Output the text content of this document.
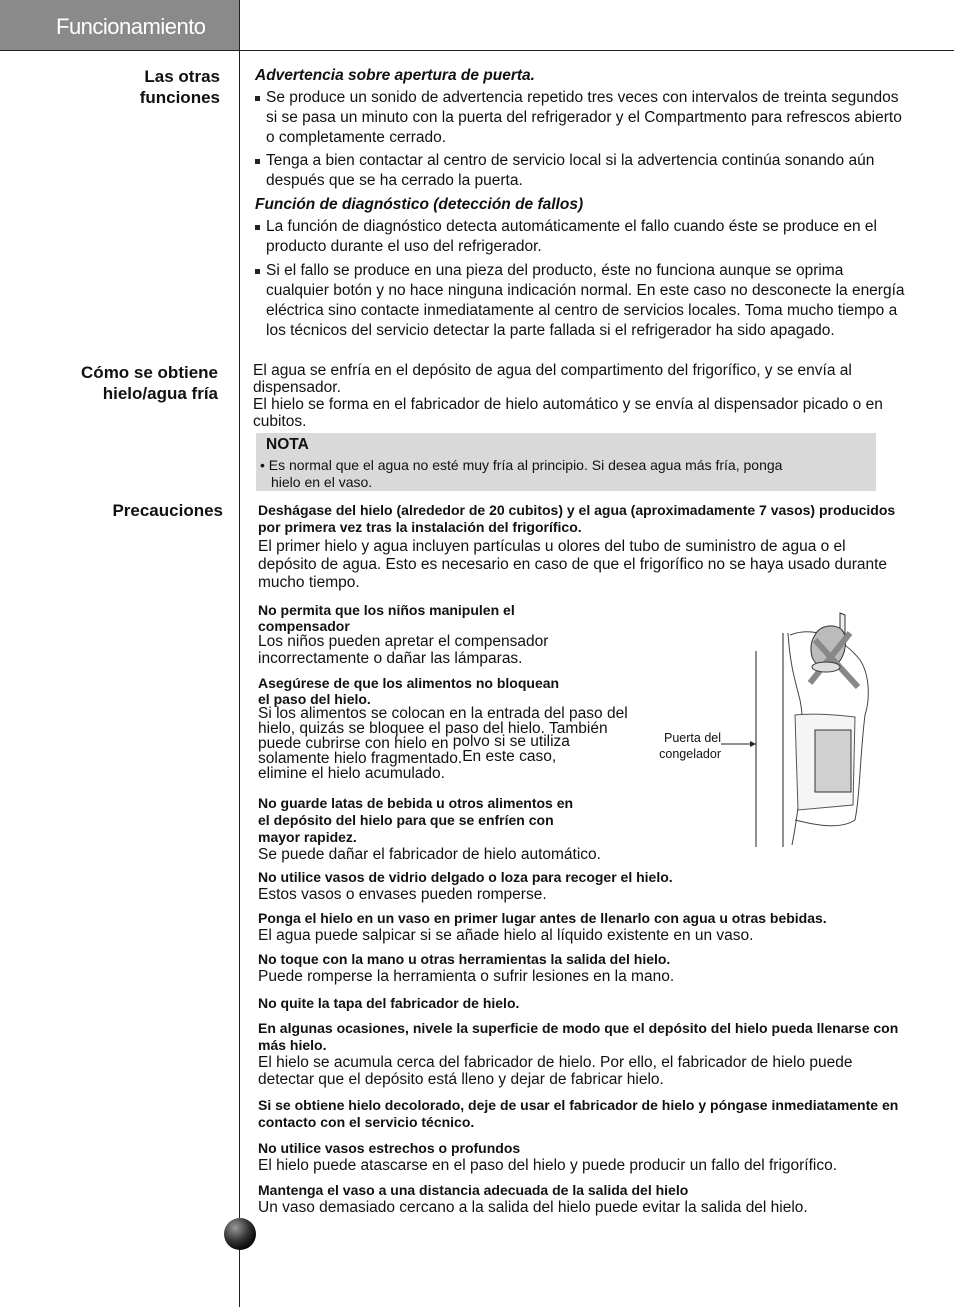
Funcionamiento
Las otras
funciones
Cómo se obtiene
hielo/agua fría
Precauciones
Advertencia sobre apertura de puerta.
Se produce un sonido de advertencia repetido tres veces con intervalos de treinta segundos si se pasa un minuto con la puerta del refrigerador y el Compartmento para refrescos abierto o completamente cerrado.
Tenga a bien contactar al centro de servicio local si la advertencia continúa sonando aún después que se ha cerrado la puerta.
Función de diagnóstico (detección de fallos)
La función de diagnóstico detecta automáticamente el fallo cuando éste se produce en el producto durante el uso del refrigerador.
Si el fallo se produce en una pieza del producto, éste no funciona aunque se oprima cualquier botón y no hace ninguna indicación normal. En este caso no desconecte la energía eléctrica sino contacte inmediatamente al centro de servicios locales. Toma mucho tiempo a los técnicos del servicio detectar la parte fallada si el refrigerador ha sido apagado.
El agua se enfría en el depósito de agua del compartimento del frigorífico, y se envía al dispensador.
El hielo se forma en el fabricador de hielo automático y se envía al dispensador picado o en cubitos.
NOTA
• Es normal que el agua no esté muy fría al principio. Si desea agua más fría, ponga
hielo en el vaso.
Deshágase del hielo (alrededor de 20 cubitos) y el agua (aproximadamente 7 vasos) producidos por primera vez tras la instalación del frigorífico.
El primer hielo y agua incluyen partículas u olores del tubo de suministro de agua o el depósito de agua. Esto es necesario en caso de que el frigorífico no se haya usado durante mucho tiempo.
No permita que los niños manipulen el
compensador
Los niños pueden apretar el compensador
incorrectamente o dañar las lámparas.
Asegúrese de que los alimentos no bloquean
el paso del hielo.
Si los alimentos se colocan en la entrada del paso del
hielo, quizás se bloquee el paso del hielo. También
puede cubrirse con hielo en polvo si se utiliza
solamente hielo fragmentado.En este caso,
elimine el hielo acumulado.
No guarde latas de bebida u otros alimentos en
el depósito del hielo para que se enfríen con
mayor rapidez.
Se puede dañar el fabricador de hielo automático.
No utilice vasos de vidrio delgado o loza para recoger el hielo.
Estos vasos o envases pueden romperse.
Ponga el hielo en un vaso en primer lugar antes de llenarlo con agua u otras bebidas.
El agua puede salpicar si se añade hielo al líquido existente en un vaso.
No toque con la mano u otras herramientas la salida del hielo.
Puede romperse la herramienta o sufrir lesiones en la mano.
No quite la tapa del fabricador de hielo.
En algunas ocasiones, nivele la superficie de modo que el depósito del hielo pueda llenarse con más hielo.
El hielo se acumula cerca del fabricador de hielo. Por ello, el fabricador de hielo puede detectar que el depósito está lleno y dejar de fabricar hielo.
Si se obtiene hielo decolorado, deje de usar el fabricador de hielo y póngase inmediatamente en contacto con el servicio técnico.
No utilice vasos estrechos o profundos
El hielo puede atascarse en el paso del hielo y puede producir un fallo del frigorífico.
Mantenga el vaso a una distancia adecuada de la salida del hielo
Un vaso demasiado cercano a la salida del hielo puede evitar la salida del hielo.
Puerta del
congelador
